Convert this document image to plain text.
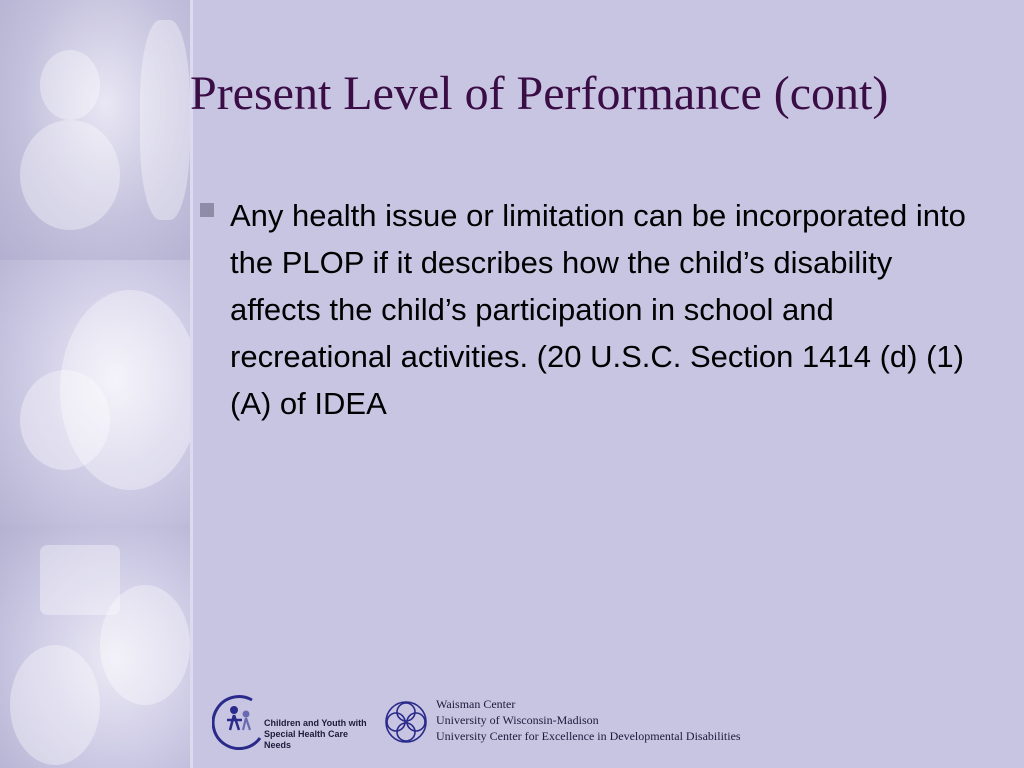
Present Level of Performance (cont)

Any health issue or limitation can be incorporated into the PLOP if it describes how the child’s disability affects the child’s participation in school and recreational activities. (20 U.S.C. Section 1414 (d) (1) (A) of IDEA

Children and Youth with
Special Health Care Needs
Waisman Center
University of Wisconsin-Madison
University Center for Excellence in Developmental Disabilities
